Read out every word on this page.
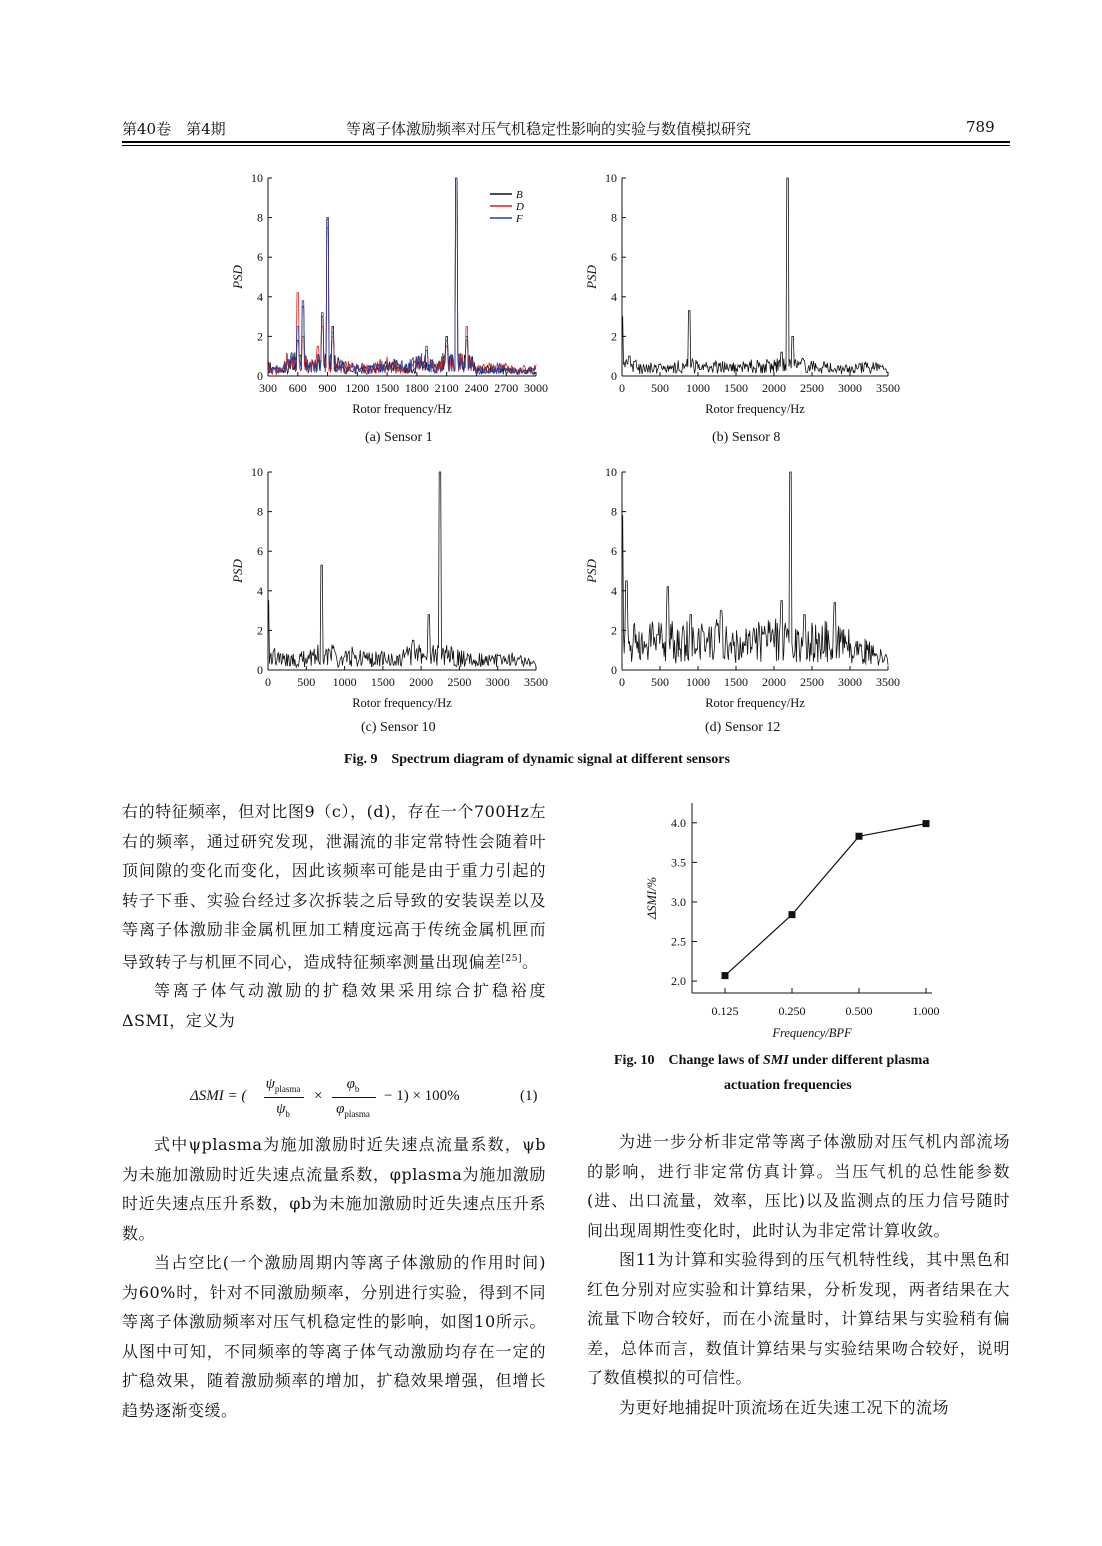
第40卷　第4期	等离子体激励频率对压气机稳定性影响的实验与数值模拟研究	789
0
2
4
6
8
10
300 600 900 1200 1500 1800 2100 2400 2700 3000
Rotor frequency/Hz
PSD
B
D
F
0
2
4
6
8
10
0 500 1000 1500 2000 2500 3000 3500
Rotor frequency/Hz
PSD
0
2
4
6
8
10
0 500 1000 1500 2000 2500 3000 3500
Rotor frequency/Hz
PSD
0
2
4
6
8
10
0 500 1000 1500 2000 2500 3000 3500
Rotor frequency/Hz
PSD
(a) Sensor 1	(b) Sensor 8
(c) Sensor 10	(d) Sensor 12
Fig. 9 Spectrum diagram of dynamic signal at different sensors
2.0
2.5
3.0
3.5
4.0
0.125	0.250	0.500	1.000
Frequency/BPF
ΔSMI/%
Fig. 10 Change laws of SMI under different plasma
actuation frequencies

右的特征频率，但对比图9（c），(d)，存在一个700Hz左右的频率，通过研究发现，泄漏流的非定常特性会随着叶顶间隙的变化而变化，因此该频率可能是由于重力引起的转子下垂、实验台经过多次拆装之后导致的安装误差以及等离子体激励非金属机匣加工精度远高于传统金属机匣而导致转子与机匣不同心，造成特征频率测量出现偏差[25]。

等离子体气动激励的扩稳效果采用综合扩稳裕度ΔSMI，定义为

ΔSMI = (
$\psi_{plasma}$
$\psi_b$
×
$\varphi_b$
$\varphi_{plasma}$
− 1) × 100%	(1)

式中ψplasma为施加激励时近失速点流量系数，ψb为未施加激励时近失速点流量系数，φplasma为施加激励时近失速点压升系数，φb为未施加激励时近失速点压升系数。

当占空比(一个激励周期内等离子体激励的作用时间)为60%时，针对不同激励频率，分别进行实验，得到不同等离子体激励频率对压气机稳定性的影响，如图10所示。从图中可知，不同频率的等离子体气动激励均存在一定的扩稳效果，随着激励频率的增加，扩稳效果增强，但增长趋势逐渐变缓。

为进一步分析非定常等离子体激励对压气机内部流场的影响，进行非定常仿真计算。当压气机的总性能参数(进、出口流量，效率，压比)以及监测点的压力信号随时间出现周期性变化时，此时认为非定常计算收敛。

图11为计算和实验得到的压气机特性线，其中黑色和红色分别对应实验和计算结果，分析发现，两者结果在大流量下吻合较好，而在小流量时，计算结果与实验稍有偏差，总体而言，数值计算结果与实验结果吻合较好，说明了数值模拟的可信性。

为更好地捕捉叶顶流场在近失速工况下的流场
